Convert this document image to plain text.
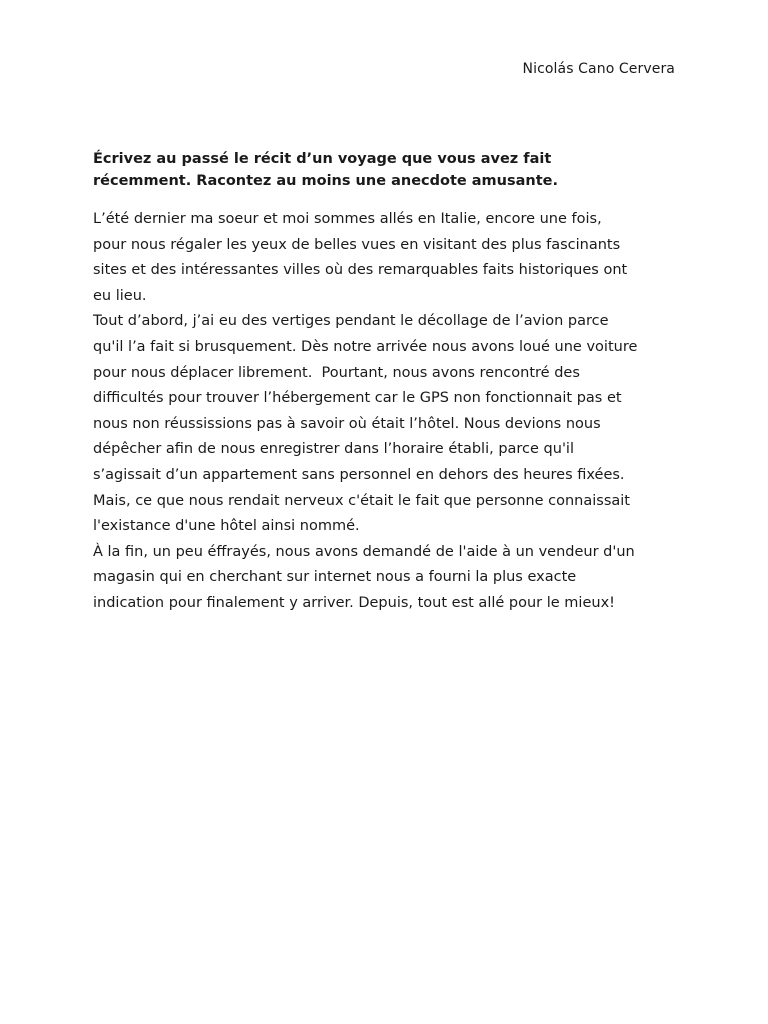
Nicolás Cano Cervera
Écrivez au passé le récit d’un voyage que vous avez fait
récemment. Racontez au moins une anecdote amusante.
L’été dernier ma soeur et moi sommes allés en Italie, encore une fois,
pour nous régaler les yeux de belles vues en visitant des plus fascinants
sites et des intéressantes villes où des remarquables faits historiques ont
eu lieu.
Tout d’abord, j’ai eu des vertiges pendant le décollage de l’avion parce
qu'il l’a fait si brusquement. Dès notre arrivée nous avons loué une voiture
pour nous déplacer librement.  Pourtant, nous avons rencontré des
difficultés pour trouver l’hébergement car le GPS non fonctionnait pas et
nous non réussissions pas à savoir où était l’hôtel. Nous devions nous
dépêcher afin de nous enregistrer dans l’horaire établi, parce qu'il
s’agissait d’un appartement sans personnel en dehors des heures fixées.
Mais, ce que nous rendait nerveux c'était le fait que personne connaissait
l'existance d'une hôtel ainsi nommé.
À la fin, un peu éffrayés, nous avons demandé de l'aide à un vendeur d'un
magasin qui en cherchant sur internet nous a fourni la plus exacte
indication pour finalement y arriver. Depuis, tout est allé pour le mieux!
